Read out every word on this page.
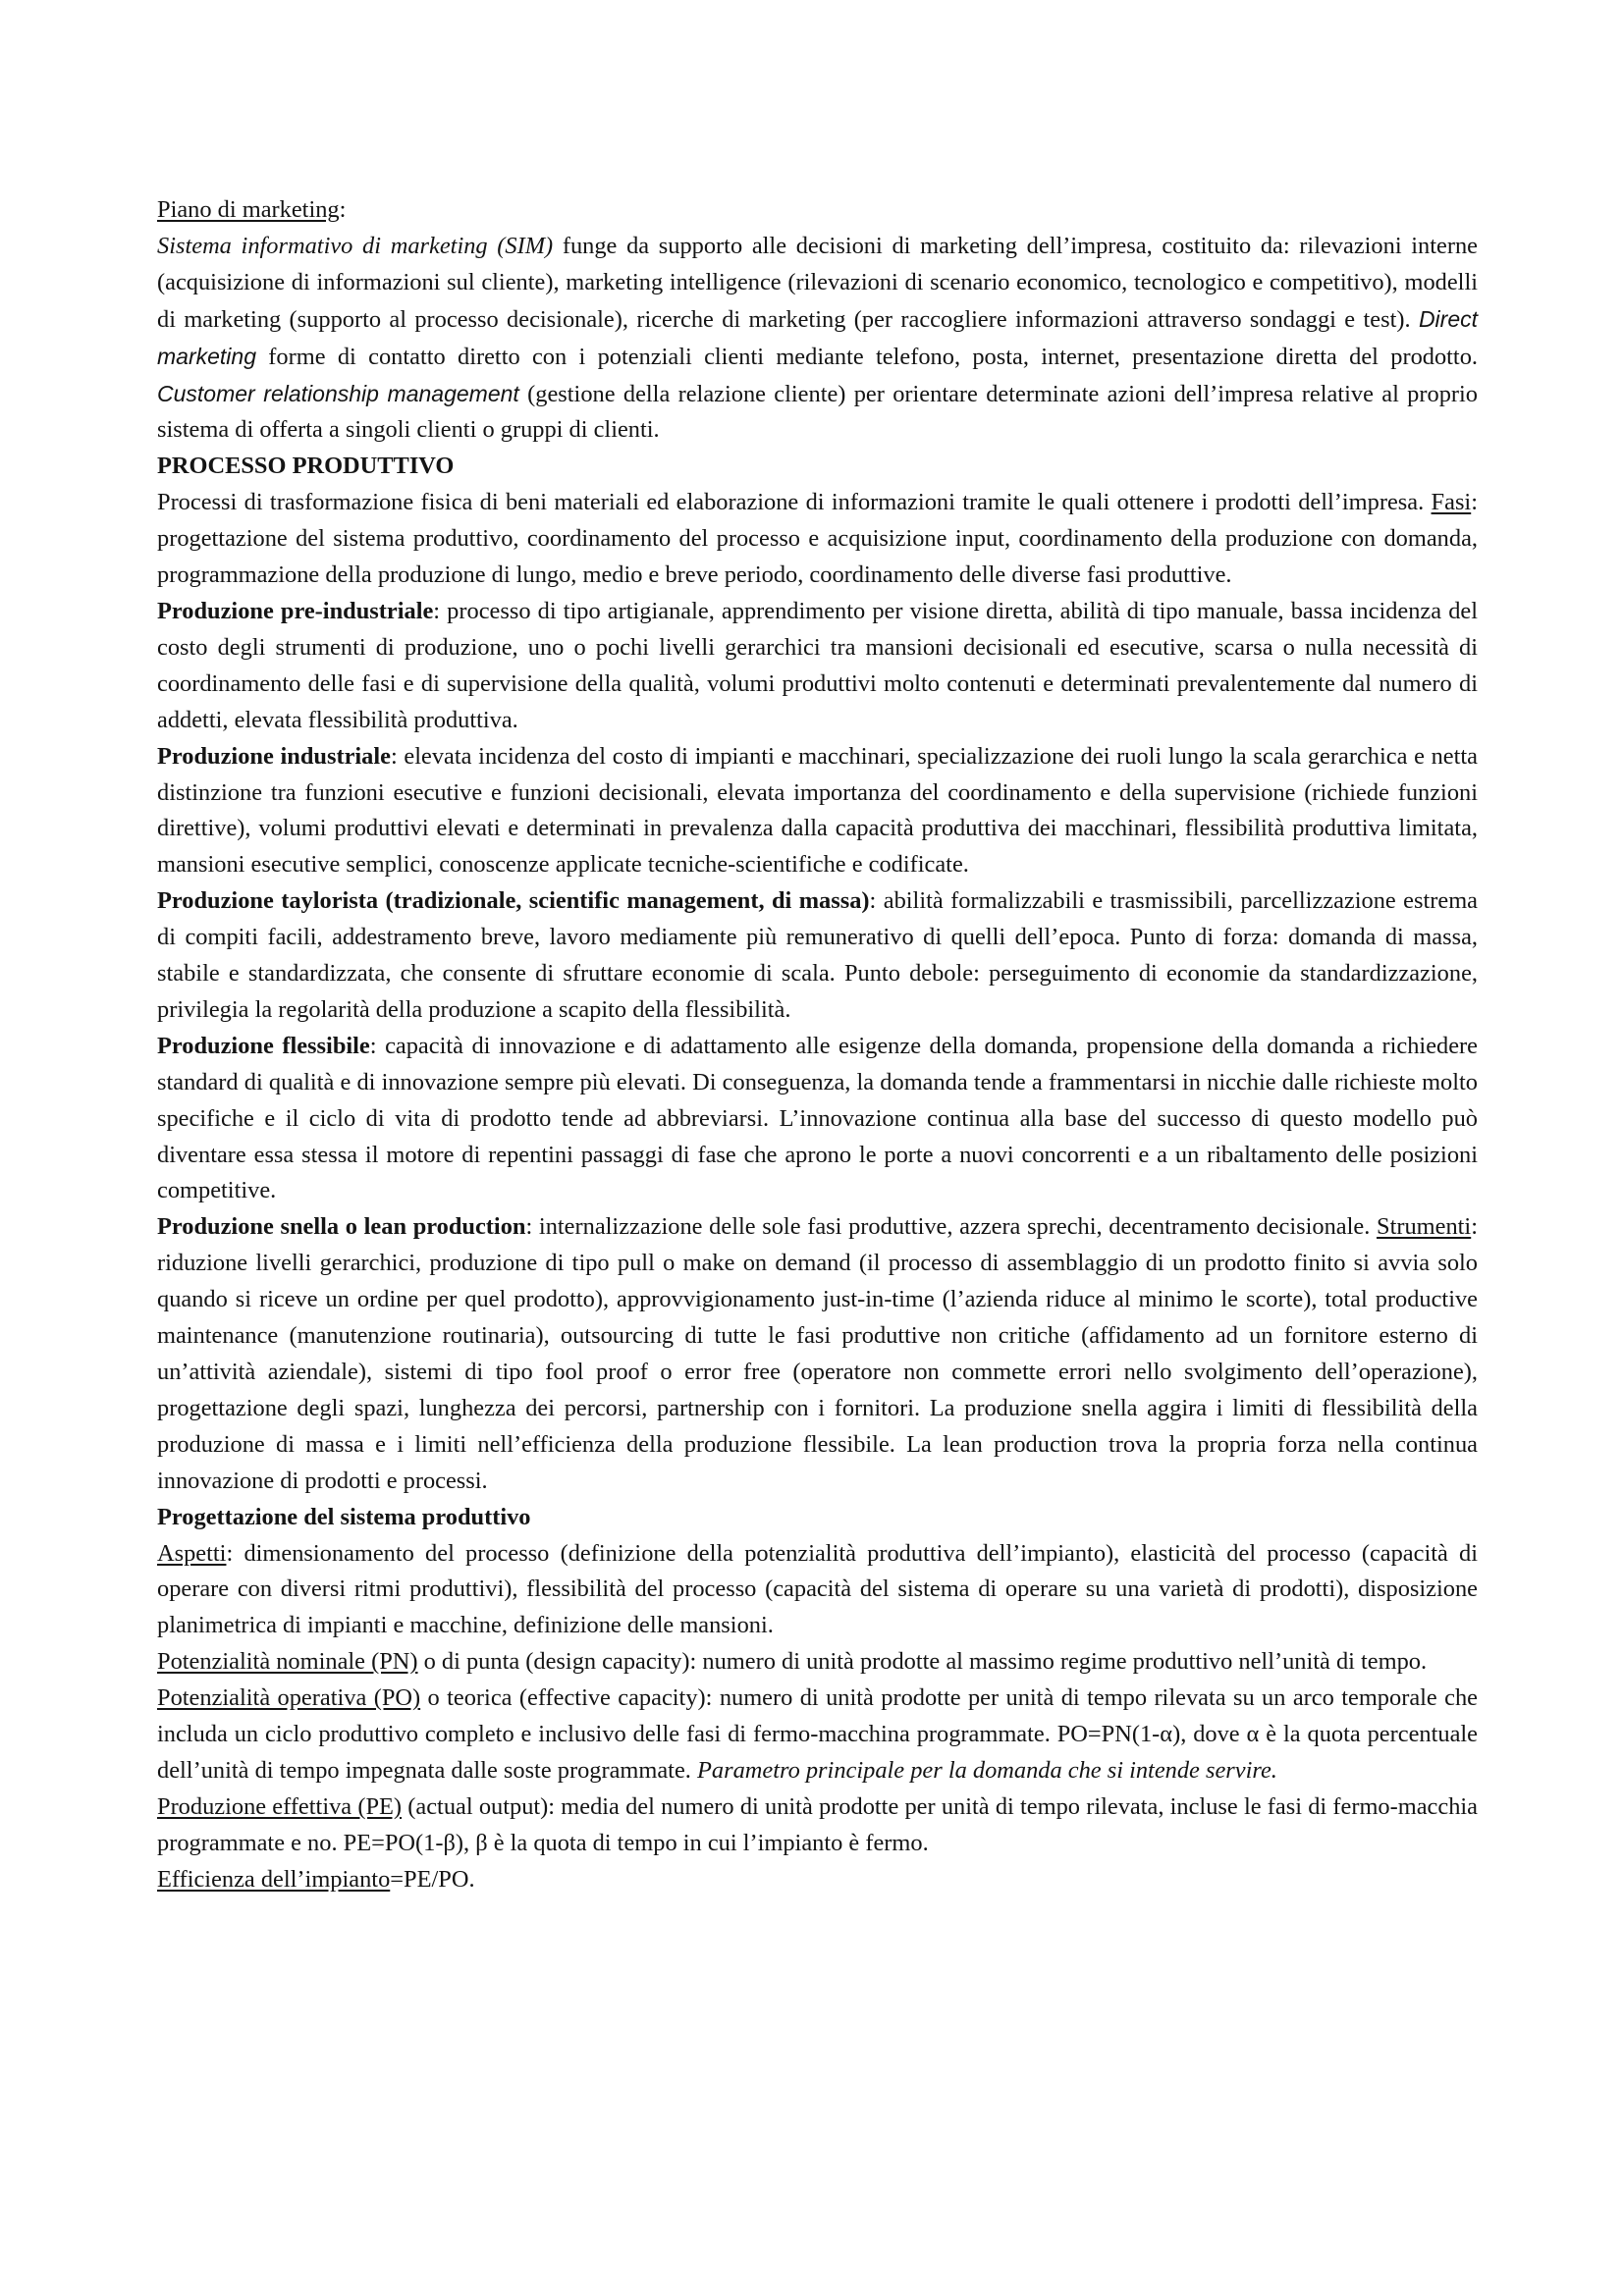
Piano di marketing:

Sistema informativo di marketing (SIM) funge da supporto alle decisioni di marketing dell’impresa, costituito da: rilevazioni interne (acquisizione di informazioni sul cliente), marketing intelligence (rilevazioni di scenario economico, tecnologico e competitivo), modelli di marketing (supporto al processo decisionale), ricerche di marketing (per raccogliere informazioni attraverso sondaggi e test). Direct marketing forme di contatto diretto con i potenziali clienti mediante telefono, posta, internet, presentazione diretta del prodotto. Customer relationship management (gestione della relazione cliente) per orientare determinate azioni dell’impresa relative al proprio sistema di offerta a singoli clienti o gruppi di clienti.

PROCESSO PRODUTTIVO

Processi di trasformazione fisica di beni materiali ed elaborazione di informazioni tramite le quali ottenere i prodotti dell’impresa. Fasi: progettazione del sistema produttivo, coordinamento del processo e acquisizione input, coordinamento della produzione con domanda, programmazione della produzione di lungo, medio e breve periodo, coordinamento delle diverse fasi produttive.

Produzione pre-industriale: processo di tipo artigianale, apprendimento per visione diretta, abilità di tipo manuale, bassa incidenza del costo degli strumenti di produzione, uno o pochi livelli gerarchici tra mansioni decisionali ed esecutive, scarsa o nulla necessità di coordinamento delle fasi e di supervisione della qualità, volumi produttivi molto contenuti e determinati prevalentemente dal numero di addetti, elevata flessibilità produttiva.

Produzione industriale: elevata incidenza del costo di impianti e macchinari, specializzazione dei ruoli lungo la scala gerarchica e netta distinzione tra funzioni esecutive e funzioni decisionali, elevata importanza del coordinamento e della supervisione (richiede funzioni direttive), volumi produttivi elevati e determinati in prevalenza dalla capacità produttiva dei macchinari, flessibilità produttiva limitata, mansioni esecutive semplici, conoscenze applicate tecniche-scientifiche e codificate.

Produzione taylorista (tradizionale, scientific management, di massa): abilità formalizzabili e trasmissibili, parcellizzazione estrema di compiti facili, addestramento breve, lavoro mediamente più remunerativo di quelli dell’epoca. Punto di forza: domanda di massa, stabile e standardizzata, che consente di sfruttare economie di scala. Punto debole: perseguimento di economie da standardizzazione, privilegia la regolarità della produzione a scapito della flessibilità.

Produzione flessibile: capacità di innovazione e di adattamento alle esigenze della domanda, propensione della domanda a richiedere standard di qualità e di innovazione sempre più elevati. Di conseguenza, la domanda tende a frammentarsi in nicchie dalle richieste molto specifiche e il ciclo di vita di prodotto tende ad abbreviarsi. L’innovazione continua alla base del successo di questo modello può diventare essa stessa il motore di repentini passaggi di fase che aprono le porte a nuovi concorrenti e a un ribaltamento delle posizioni competitive.

Produzione snella o lean production: internalizzazione delle sole fasi produttive, azzera sprechi, decentramento decisionale. Strumenti: riduzione livelli gerarchici, produzione di tipo pull o make on demand (il processo di assemblaggio di un prodotto finito si avvia solo quando si riceve un ordine per quel prodotto), approvvigionamento just-in-time (l’azienda riduce al minimo le scorte), total productive maintenance (manutenzione routinaria), outsourcing di tutte le fasi produttive non critiche (affidamento ad un fornitore esterno di un’attività aziendale), sistemi di tipo fool proof o error free (operatore non commette errori nello svolgimento dell’operazione), progettazione degli spazi, lunghezza dei percorsi, partnership con i fornitori. La produzione snella aggira i limiti di flessibilità della produzione di massa e i limiti nell’efficienza della produzione flessibile. La lean production trova la propria forza nella continua innovazione di prodotti e processi.

Progettazione del sistema produttivo

Aspetti: dimensionamento del processo (definizione della potenzialità produttiva dell’impianto), elasticità del processo (capacità di operare con diversi ritmi produttivi), flessibilità del processo (capacità del sistema di operare su una varietà di prodotti), disposizione planimetrica di impianti e macchine, definizione delle mansioni.

Potenzialità nominale (PN) o di punta (design capacity): numero di unità prodotte al massimo regime produttivo nell’unità di tempo.

Potenzialità operativa (PO) o teorica (effective capacity): numero di unità prodotte per unità di tempo rilevata su un arco temporale che includa un ciclo produttivo completo e inclusivo delle fasi di fermo-macchina programmate. PO=PN(1-α), dove α è la quota percentuale dell’unità di tempo impegnata dalle soste programmate. Parametro principale per la domanda che si intende servire.

Produzione effettiva (PE) (actual output): media del numero di unità prodotte per unità di tempo rilevata, incluse le fasi di fermo-macchia programmate e no. PE=PO(1-β), β è la quota di tempo in cui l’impianto è fermo.

Efficienza dell’impianto=PE/PO.
